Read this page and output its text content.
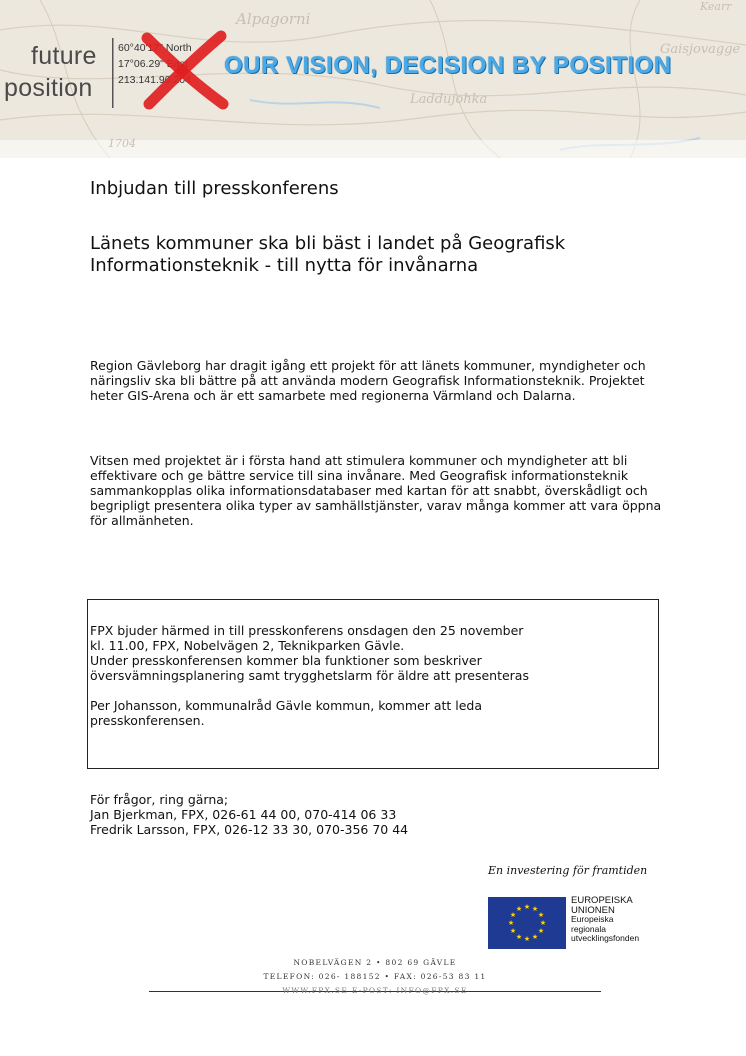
Alpagorni
Laddujohka
Gaisjovagge
1704
Kearr
future
position
60°40'17" North
17°06.29" East
213.141.90.204
OUR VISION, DECISION BY POSITION
Inbjudan till presskonferens
Länets kommuner ska bli bäst i landet på Geografisk Informationsteknik - till nytta för invånarna
Region Gävleborg har dragit igång ett projekt för att länets kommuner, myndigheter och näringsliv ska bli bättre på att använda modern Geografisk Informationsteknik. Projektet heter GIS-Arena och är ett samarbete med regionerna Värmland och Dalarna.
Vitsen med projektet är i första hand att stimulera kommuner och myndigheter att bli effektivare och ge bättre service till sina invånare. Med Geografisk informationsteknik sammankopplas olika informationsdatabaser med kartan för att snabbt, överskådligt och begripligt presentera olika typer av samhällstjänster, varav många kommer att vara öppna för allmänheten.

FPX bjuder härmed in till presskonferens onsdagen den 25 november
kl. 11.00, FPX, Nobelvägen 2, Teknikparken Gävle.
Under presskonferensen kommer bla funktioner som beskriver
översvämningsplanering samt trygghetslarm för äldre att presenteras

Per Johansson, kommunalråd Gävle kommun, kommer att leda
presskonferensen.

För frågor, ring gärna;
Jan Bjerkman, FPX, 026-61 44 00, 070-414 06 33
Fredrik Larsson, FPX, 026-12 33 30, 070-356 70 44
En investering för framtiden
★ ★
★
★
★
★
★
★
★
★
★
★
EUROPEISKA
UNIONEN
Europeiska
regionala
utvecklingsfonden
NOBELVÄGEN 2 • 802 69 GÄVLE
TELEFON: 026- 188152 • FAX: 026-53 83 11
WWW.FPX.SE E-POST: INFO@FPX.SE
